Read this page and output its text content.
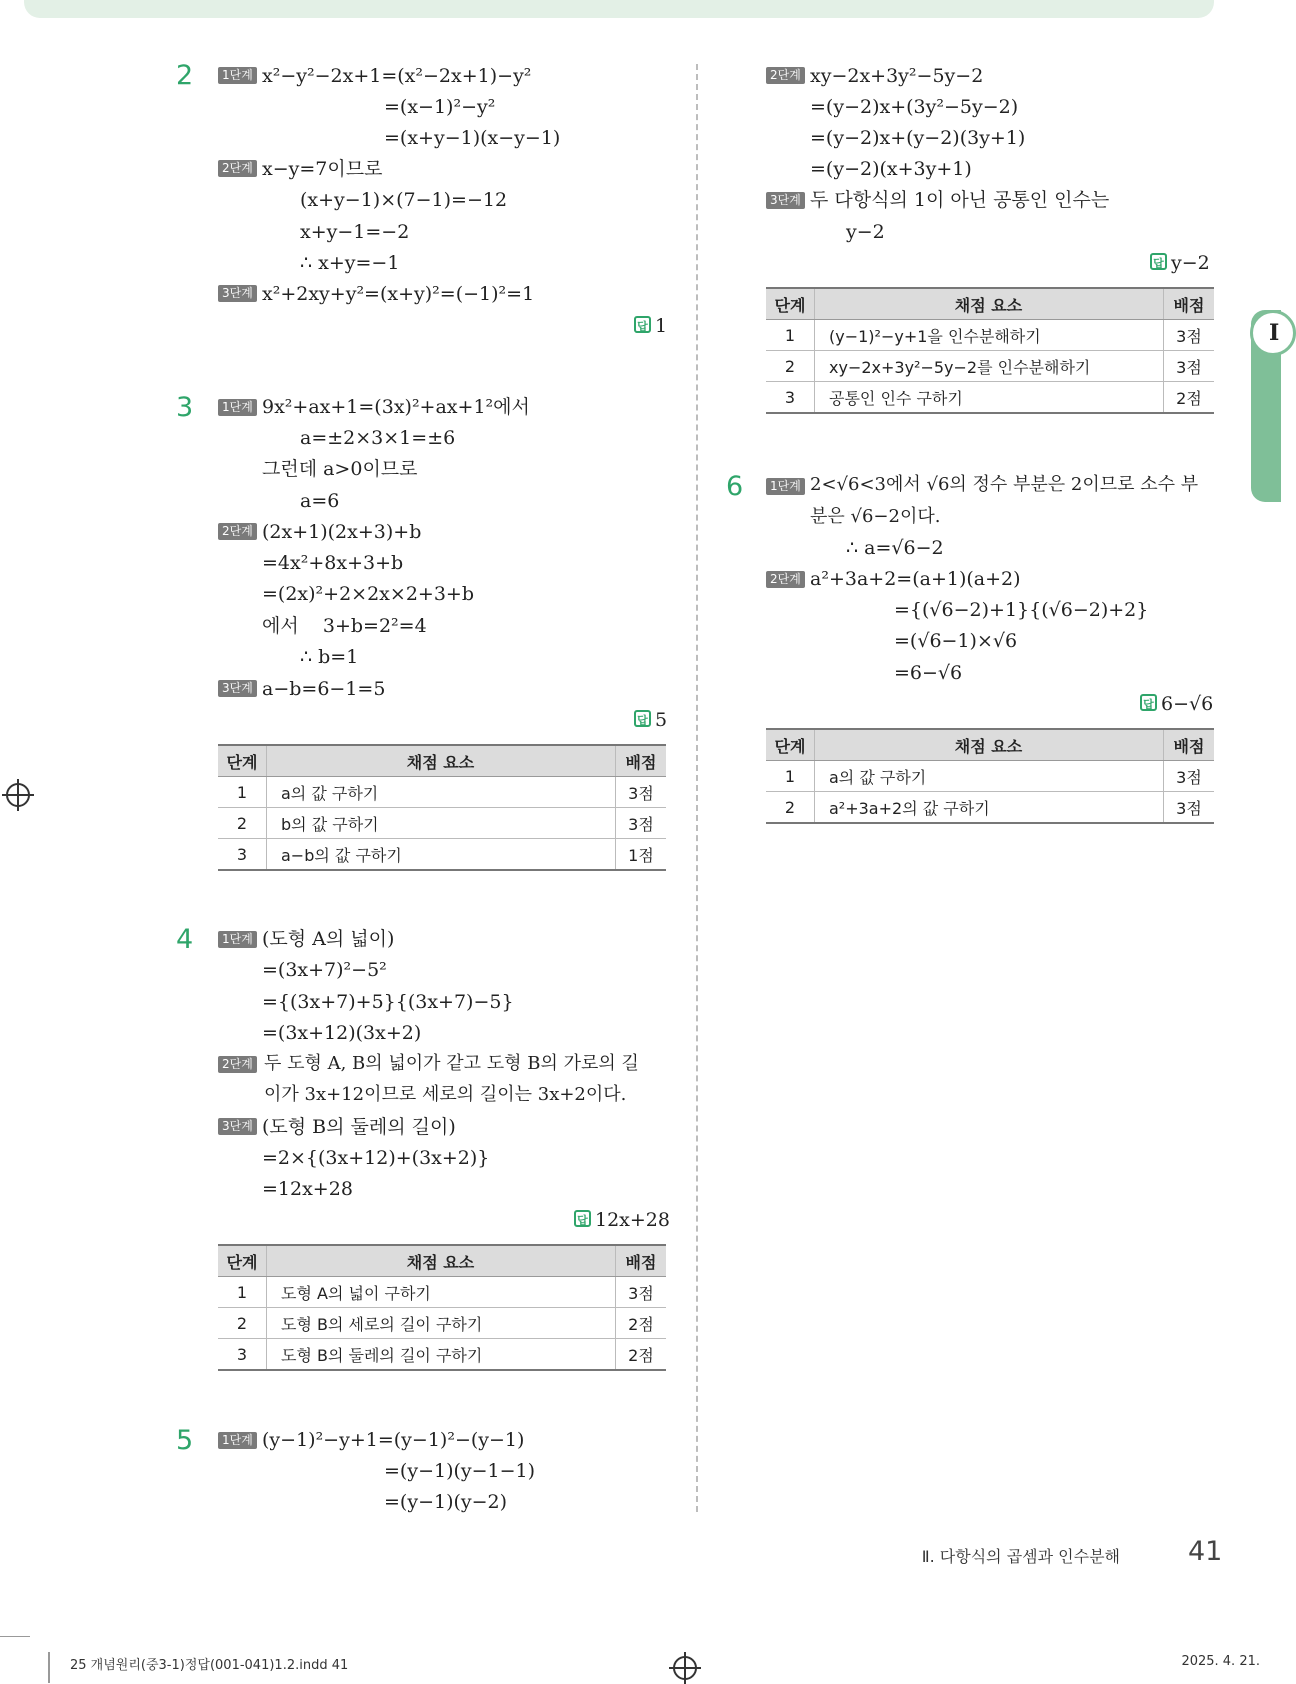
I
2	1단계 x²−y²−2x+1=(x²−2x+1)−y²
=(x−1)²−y²
=(x+y−1)(x−y−1)
2단계 x−y=7이므로
(x+y−1)×(7−1)=−12
x+y−1=−2
∴ x+y=−1
3단계 x²+2xy+y²=(x+y)²=(−1)²=1
답 1
3	1단계 9x²+ax+1=(3x)²+ax+1²에서
a=±2×3×1=±6
그런데 a>0이므로
a=6
2단계 (2x+1)(2x+3)+b
=4x²+8x+3+b
=(2x)²+2×2x×2+3+b
에서    3+b=2²=4
∴ b=1
3단계 a−b=6−1=5
답 5
단계	채점 요소	배점
1	a의 값 구하기	3점
2	b의 값 구하기	3점
3	a−b의 값 구하기	1점
4	1단계 (도형 A의 넓이)
=(3x+7)²−5²
={(3x+7)+5}{(3x+7)−5}
=(3x+12)(3x+2)
2단계 두 도형 A, B의 넓이가 같고 도형 B의 가로의 길
이가 3x+12이므로 세로의 길이는 3x+2이다.
3단계 (도형 B의 둘레의 길이)
=2×{(3x+12)+(3x+2)}
=12x+28
답 12x+28
단계	채점 요소	배점
1	도형 A의 넓이 구하기	3점
2	도형 B의 세로의 길이 구하기	2점
3	도형 B의 둘레의 길이 구하기	2점
5	1단계 (y−1)²−y+1=(y−1)²−(y−1)
=(y−1)(y−1−1)
=(y−1)(y−2)
2단계 xy−2x+3y²−5y−2
=(y−2)x+(3y²−5y−2)
=(y−2)x+(y−2)(3y+1)
=(y−2)(x+3y+1)
3단계 두 다항식의 1이 아닌 공통인 인수는
y−2
답 y−2
단계	채점 요소	배점
1	(y−1)²−y+1을 인수분해하기	3점
2	xy−2x+3y²−5y−2를 인수분해하기	3점
3	공통인 인수 구하기	2점
6	1단계 2<√6<3에서 √6의 정수 부분은 2이므로 소수 부
분은 √6−2이다.
∴ a=√6−2
2단계 a²+3a+2=(a+1)(a+2)
={(√6−2)+1}{(√6−2)+2}
=(√6−1)×√6
=6−√6
답 6−√6
단계	채점 요소	배점
1	a의 값 구하기	3점
2	a²+3a+2의 값 구하기	3점
Ⅱ. 다항식의 곱셈과 인수분해	41
25 개념원리(중3-1)정답(001-041)1.2.indd 41	2025. 4. 21.
